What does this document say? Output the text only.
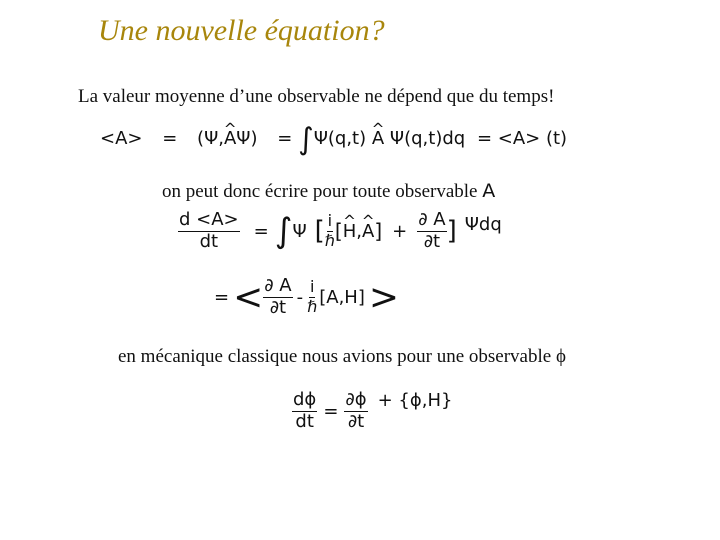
Une nouvelle équation?
La valeur moyenne d’une observable ne dépend que du temps!
<A> = (Ψ,^ AΨ) = ∫Ψ(q,t) ^ A Ψ(q,t)dq = <A> (t)
on peut donc écrire pour toute observable A
$\frac{d <A>}{dt}$ = ∫ Ψ [ $\frac{i}{\text{ℏ}}$ [ ^ H , ^ A ] + $\frac{\partial A}{\partial t}$ ] Ψdq
= < $\frac{\partial A}{\partial t} - \frac{i}{\text{ℏ}} [A,H]$ >
en mécanique classique nous avions pour une observable ϕ
$\frac{d\phi}{dt} = \frac{\partial\phi}{\partial t} + \{\phi,H\}$
